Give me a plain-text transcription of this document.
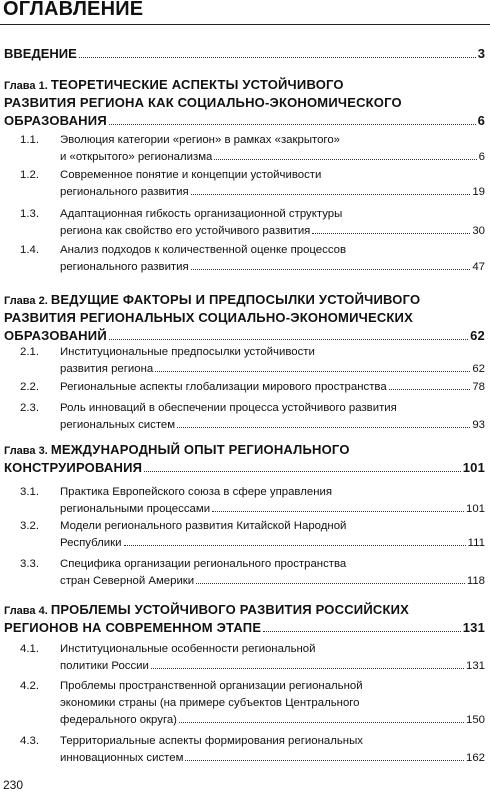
ОГЛАВЛЕНИЕ
ВВЕДЕНИЕ	3
Глава 1. ТЕОРЕТИЧЕСКИЕ АСПЕКТЫ УСТОЙЧИВОГО
РАЗВИТИЯ РЕГИОНА КАК СОЦИАЛЬНО-ЭКОНОМИЧЕСКОГО
ОБРАЗОВАНИЯ	6
1.1. Эволюция категории «регион» в рамках «закрытого»
и «открытого» регионализма	6
1.2. Современное понятие и концепции устойчивости
регионального развития	19
1.3. Адаптационная гибкость организационной структуры
региона как свойство его устойчивого развития	30
1.4. Анализ подходов к количественной оценке процессов
регионального развития	47
Глава 2. ВЕДУЩИЕ ФАКТОРЫ И ПРЕДПОСЫЛКИ УСТОЙЧИВОГО
РАЗВИТИЯ РЕГИОНАЛЬНЫХ СОЦИАЛЬНО-ЭКОНОМИЧЕСКИХ
ОБРАЗОВАНИЙ	62
2.1. Институциональные предпосылки устойчивости
развития региона	62
2.2. Региональные аспекты глобализации мирового пространства	78
2.3. Роль инноваций в обеспечении процесса устойчивого развития
региональных систем	93
Глава 3. МЕЖДУНАРОДНЫЙ ОПЫТ РЕГИОНАЛЬНОГО
КОНСТРУИРОВАНИЯ	101
3.1. Практика Европейского союза в сфере управления
региональными процессами	101
3.2. Модели регионального развития Китайской Народной
Республики	111
3.3. Специфика организации регионального пространства
стран Северной Америки	118
Глава 4. ПРОБЛЕМЫ УСТОЙЧИВОГО РАЗВИТИЯ РОССИЙСКИХ
РЕГИОНОВ НА СОВРЕМЕННОМ ЭТАПЕ	131
4.1. Институциональные особенности региональной
политики России	131
4.2. Проблемы пространственной организации региональной
экономики страны (на примере субъектов Центрального
федерального округа)	150
4.3. Территориальные аспекты формирования региональных
инновационных систем	162
230
